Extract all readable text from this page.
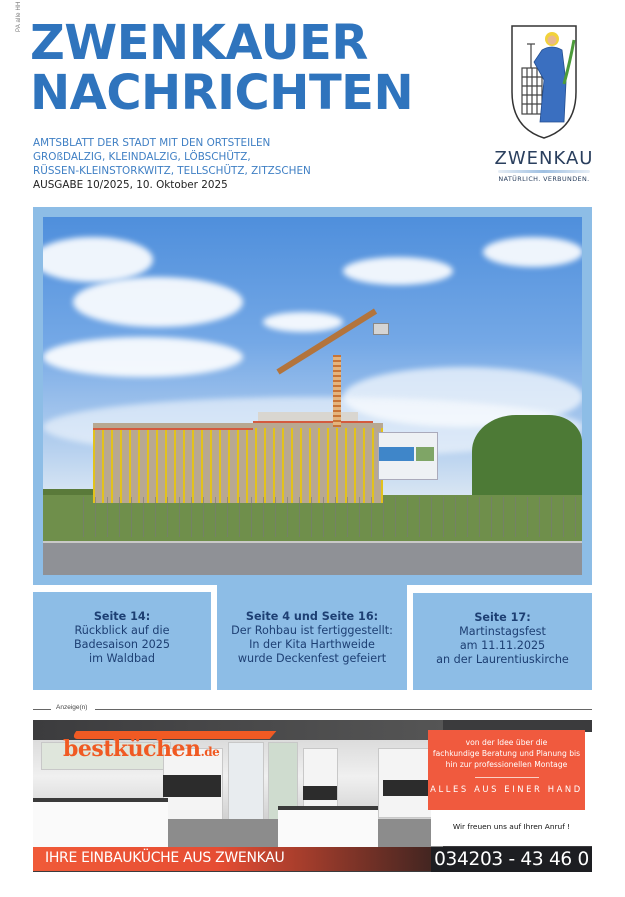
PA alle HH ZWENKAUER
NACHRICHTEN
AMTSBLATT DER STADT MIT DEN ORTSTEILEN
GROßDALZIG, KLEINDALZIG, LÖBSCHÜTZ,
RÜSSEN-KLEINSTORKWITZ, TELLSCHÜTZ, ZITZSCHEN
AUSGABE 10/2025, 10. Oktober 2025
ZWENKAU
NATÜRLICH. VERBUNDEN.
Seite 14:
Rückblick auf die
Badesaison 2025
im Waldbad
Seite 4 und Seite 16:
Der Rohbau ist fertiggestellt:
In der Kita Harthweide
wurde Deckenfest gefeiert
Seite 17:
Martinstagsfest
am 11.11.2025
an der Laurentiuskirche
Anzeige(n)
bestküchen.de
IHRE EINBAUKÜCHE AUS ZWENKAU
von der Idee über die
fachkundige Beratung und Planung bis
hin zur professionellen Montage
ALLES AUS EINER HAND
Wir freuen uns auf Ihren Anruf !
034203 - 43 46 0
